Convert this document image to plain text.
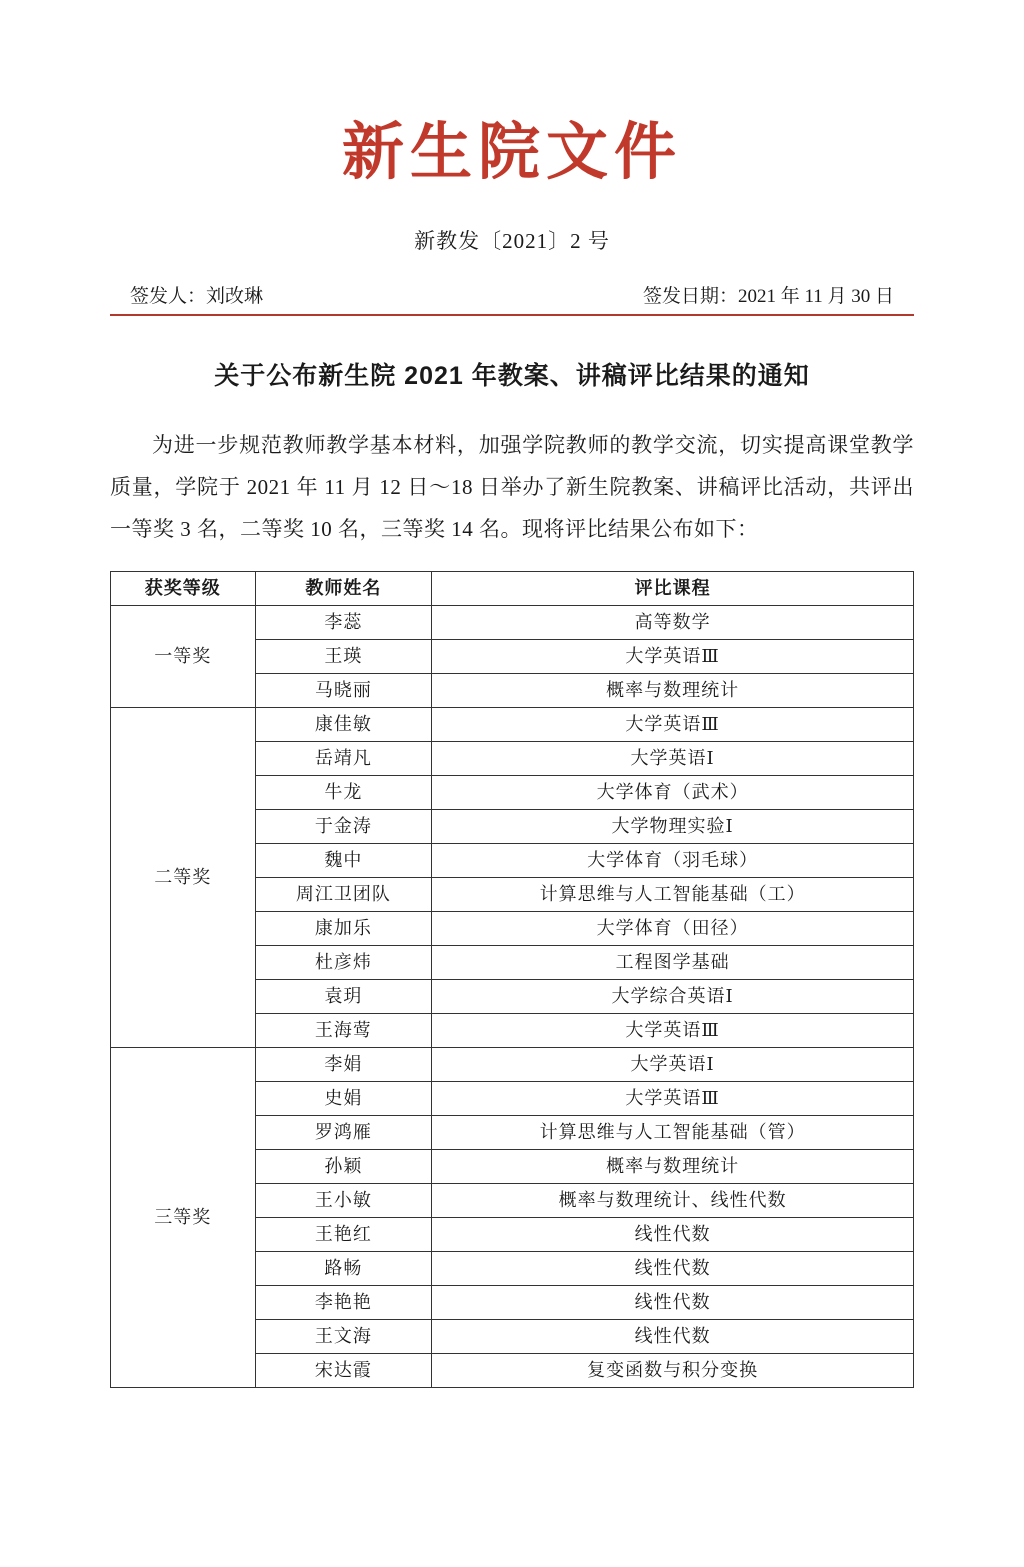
新生院文件
新教发〔2021〕2 号
签发人：刘改琳	签发日期：2021 年 11 月 30 日
关于公布新生院 2021 年教案、讲稿评比结果的通知

为进一步规范教师教学基本材料，加强学院教师的教学交流，切实提高课堂教学质量，学院于 2021 年 11 月 12 日～18 日举办了新生院教案、讲稿评比活动，共评出一等奖 3 名，二等奖 10 名，三等奖 14 名。现将评比结果公布如下：

获奖等级	教师姓名	评比课程
一等奖	李蕊	高等数学
	王瑛	大学英语Ⅲ
	马晓丽	概率与数理统计
二等奖	康佳敏	大学英语Ⅲ
	岳靖凡	大学英语Ⅰ
	牛龙	大学体育（武术）
	于金涛	大学物理实验Ⅰ
	魏中	大学体育（羽毛球）
	周江卫团队	计算思维与人工智能基础（工）
	康加乐	大学体育（田径）
	杜彦炜	工程图学基础
	袁玥	大学综合英语Ⅰ
	王海莺	大学英语Ⅲ
三等奖	李娟	大学英语Ⅰ
	史娟	大学英语Ⅲ
	罗鸿雁	计算思维与人工智能基础（管）
	孙颖	概率与数理统计
	王小敏	概率与数理统计、线性代数
	王艳红	线性代数
	路畅	线性代数
	李艳艳	线性代数
	王文海	线性代数
	宋达霞	复变函数与积分变换
